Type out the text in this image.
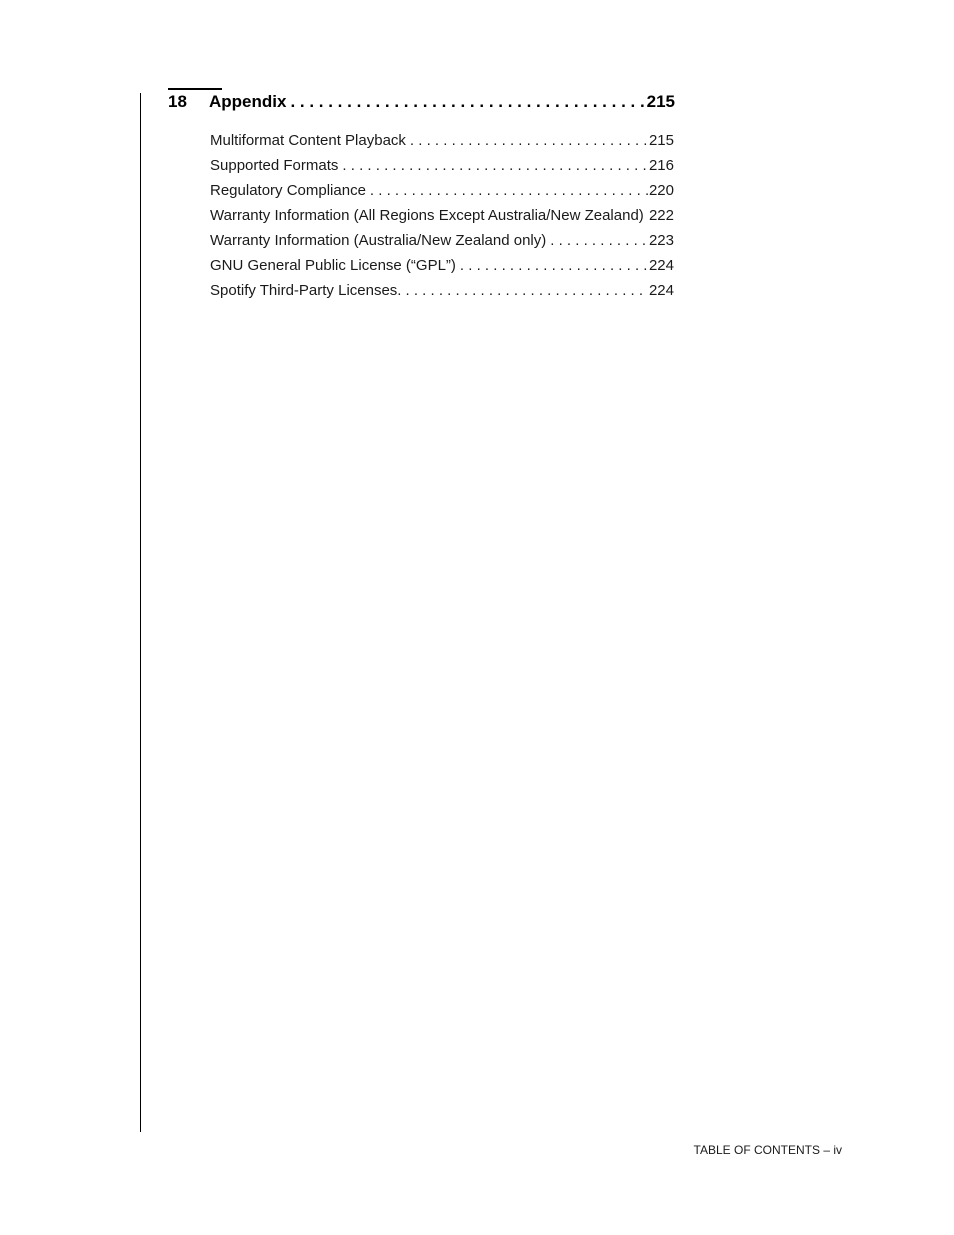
18	Appendix . . .	215
Multiformat Content Playback . . .	215
Supported Formats . . .	216
Regulatory Compliance . . .	220
Warranty Information (All Regions Except Australia/New Zealand) . . . 222
Warranty Information (Australia/New Zealand only) . . .	223
GNU General Public License (“GPL”) . . .	224
Spotify Third-Party Licenses. . . .	224
TABLE OF CONTENTS – iv
